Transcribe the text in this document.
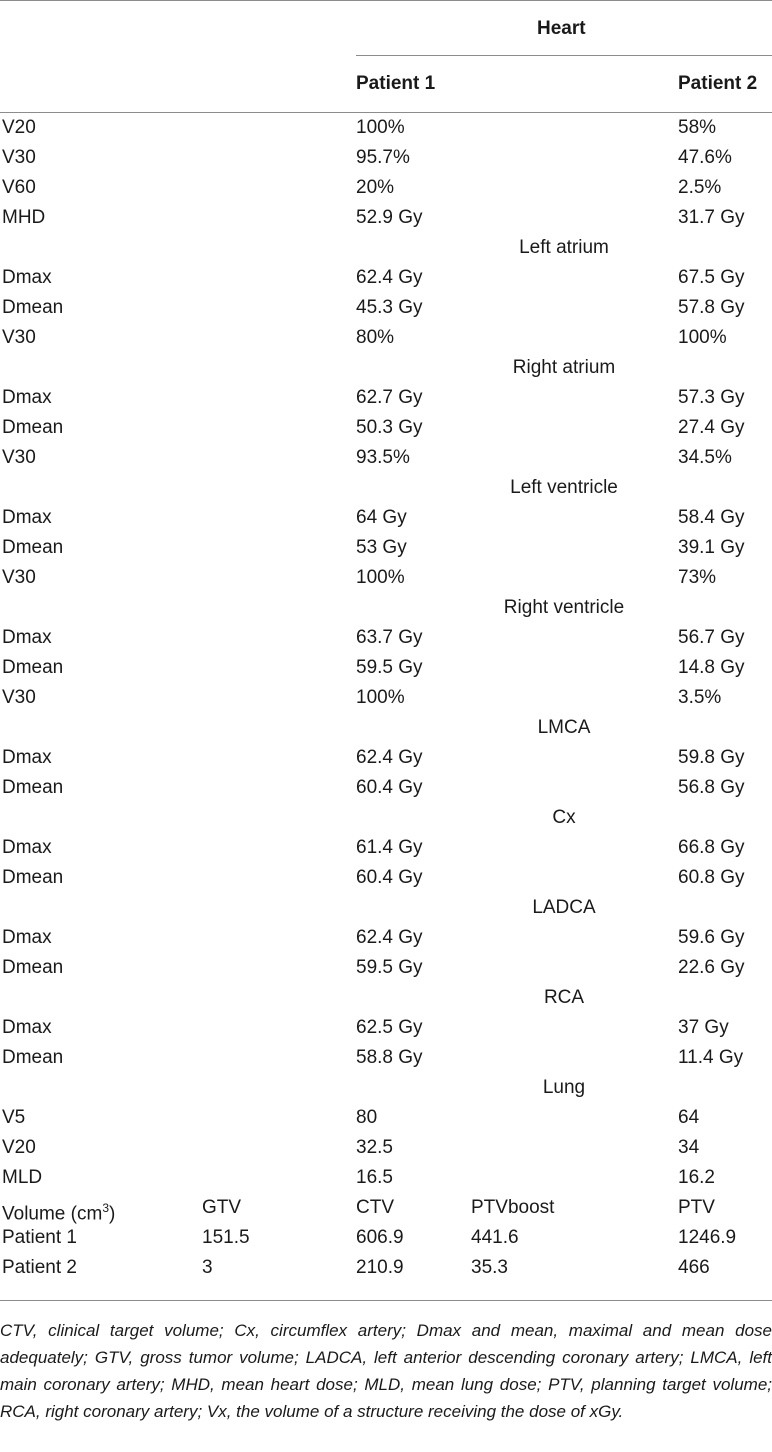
Heart
Patient 1	Patient 2
V20	100%	58%
V30	95.7%	47.6%
V60	20%	2.5%
MHD	52.9 Gy	31.7 Gy
Left atrium
Dmax	62.4 Gy	67.5 Gy
Dmean	45.3 Gy	57.8 Gy
V30	80%	100%
Right atrium
Dmax	62.7 Gy	57.3 Gy
Dmean	50.3 Gy	27.4 Gy
V30	93.5%	34.5%
Left ventricle
Dmax	64 Gy	58.4 Gy
Dmean	53 Gy	39.1 Gy
V30	100%	73%
Right ventricle
Dmax	63.7 Gy	56.7 Gy
Dmean	59.5 Gy	14.8 Gy
V30	100%	3.5%
LMCA
Dmax	62.4 Gy	59.8 Gy
Dmean	60.4 Gy	56.8 Gy
Cx
Dmax	61.4 Gy	66.8 Gy
Dmean	60.4 Gy	60.8 Gy
LADCA
Dmax	62.4 Gy	59.6 Gy
Dmean	59.5 Gy	22.6 Gy
RCA
Dmax	62.5 Gy	37 Gy
Dmean	58.8 Gy	11.4 Gy
Lung
V5	80	64
V20	32.5	34
MLD	16.5	16.2
Volume $(cm^3)$	GTV	CTV	PTVboost	PTV
Patient 1	151.5	606.9	441.6	1246.9
Patient 2	3	210.9	35.3	466
CTV, clinical target volume; Cx, circumflex artery; Dmax and mean, maximal and mean dose adequately; GTV, gross tumor volume; LADCA, left anterior descending coronary artery; LMCA, left main coronary artery; MHD, mean heart dose; MLD, mean lung dose; PTV, planning target volume; RCA, right coronary artery; Vx, the volume of a structure receiving the dose of xGy.
